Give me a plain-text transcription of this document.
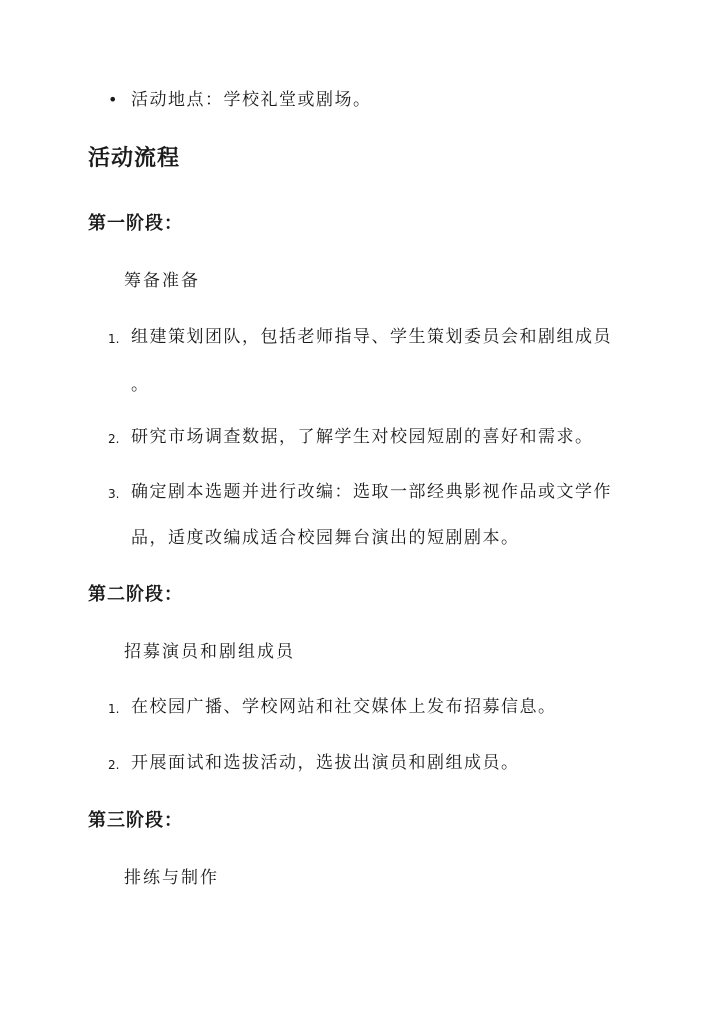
• 活动地点：学校礼堂或剧场。
活动流程
第一阶段：
筹备准备
1. 组建策划团队，包括老师指导、学生策划委员会和剧组成员
。
2. 研究市场调查数据，了解学生对校园短剧的喜好和需求。
3. 确定剧本选题并进行改编：选取一部经典影视作品或文学作
品，适度改编成适合校园舞台演出的短剧剧本。
第二阶段：
招募演员和剧组成员
1. 在校园广播、学校网站和社交媒体上发布招募信息。
2. 开展面试和选拔活动，选拔出演员和剧组成员。
第三阶段：
排练与制作
